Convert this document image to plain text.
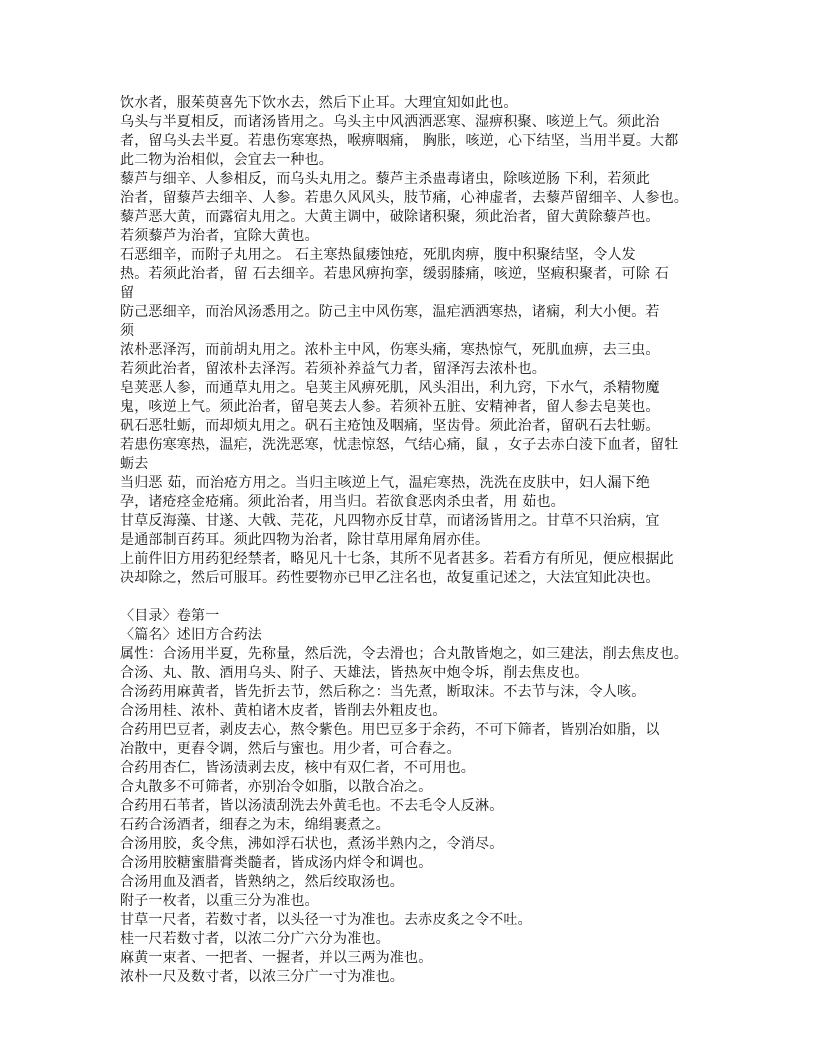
饮水者，服茱萸喜先下饮水去，然后下止耳。大理宜知如此也。
乌头与半夏相反，而诸汤皆用之。乌头主中风洒洒恶寒、湿痹积聚、咳逆上气。须此治
者，留乌头去半夏。若患伤寒寒热，喉痹咽痛， 胸胀，咳逆，心下结坚，当用半夏。大都
此二物为治相似，会宜去一种也。
藜芦与细辛、人参相反，而乌头丸用之。藜芦主杀蛊毒诸虫，除咳逆肠 下利，若须此
治者，留藜芦去细辛、人参。若患久风风头，肢节痛，心神虚者，去藜芦留细辛、人参也。
藜芦恶大黄，而露宿丸用之。大黄主调中，破除诸积聚，须此治者，留大黄除藜芦也。
若须藜芦为治者，宜除大黄也。
石恶细辛，而附子丸用之。 石主寒热鼠瘘蚀疮，死肌肉痹，腹中积聚结坚，令人发
热。若须此治者，留 石去细辛。若患风痹拘挛，缓弱膝痛，咳逆，坚瘕积聚者，可除 石
留
防己恶细辛，而治风汤悉用之。防己主中风伤寒，温疟洒洒寒热，诸痫，利大小便。若
须
浓朴恶泽泻，而前胡丸用之。浓朴主中风，伤寒头痛，寒热惊气，死肌血痹，去三虫。
若须此治者，留浓朴去泽泻。若须补养益气力者，留泽泻去浓朴也。
皂荚恶人参，而通草丸用之。皂荚主风痹死肌，风头泪出，利九窍，下水气，杀精物魔
鬼，咳逆上气。须此治者，留皂荚去人参。若须补五脏、安精神者，留人参去皂荚也。
矾石恶牡蛎，而却烦丸用之。矾石主疮蚀及咽痛，坚齿骨。须此治者，留矾石去牡蛎。
若患伤寒寒热，温疟，洗洗恶寒，忧恚惊怒，气结心痛，鼠 ，女子去赤白淩下血者，留牡
蛎去
当归恶 茹，而治疮方用之。当归主咳逆上气，温疟寒热，洗洗在皮肤中，妇人漏下绝
孕，诸疮痉金疮痛。须此治者，用当归。若欲食恶肉杀虫者，用 茹也。
甘草反海藻、甘遂、大戟、芫花，凡四物亦反甘草，而诸汤皆用之。甘草不只治病，宜
是通部制百药耳。须此四物为治者，除甘草用犀角屑亦佳。
上前件旧方用药犯经禁者，略见凡十七条，其所不见者甚多。若看方有所见，便应根据此
决却除之，然后可服耳。药性要物亦已甲乙注名也，故复重记述之，大法宜知此决也。
〈目录〉卷第一
〈篇名〉述旧方合药法
属性：合汤用半夏，先称量，然后洗，令去滑也；合丸散皆炮之，如三建法，削去焦皮也。
合汤、丸、散、酒用乌头、附子、天雄法，皆热灰中炮令坼，削去焦皮也。
合汤药用麻黄者，皆先折去节，然后称之：当先煮，断取沫。不去节与沫，令人咳。
合汤用桂、浓朴、黄柏诸木皮者，皆削去外粗皮也。
合药用巴豆者，剥皮去心，熬令紫色。用巴豆多于余药，不可下筛者，皆别冶如脂，以
冶散中，更舂令调，然后与蜜也。用少者，可合舂之。
合药用杏仁，皆汤渍剥去皮，核中有双仁者，不可用也。
合丸散多不可筛者，亦别冶令如脂，以散合冶之。
合药用石苇者，皆以汤渍刮洗去外黄毛也。不去毛令人反淋。
石药合汤酒者，细舂之为末，绵绢裹煮之。
合汤用胶，炙令焦，沸如浮石状也，煮汤半熟内之，令消尽。
合汤用胶糖蜜腊膏类髓者，皆成汤内烊令和调也。
合汤用血及酒者，皆熟纳之，然后绞取汤也。
附子一枚者，以重三分为准也。
甘草一尺者，若数寸者，以头径一寸为准也。去赤皮炙之令不吐。
桂一尺若数寸者，以浓二分广六分为准也。
麻黄一束者、一把者、一握者，并以三两为准也。
浓朴一尺及数寸者，以浓三分广一寸为准也。
